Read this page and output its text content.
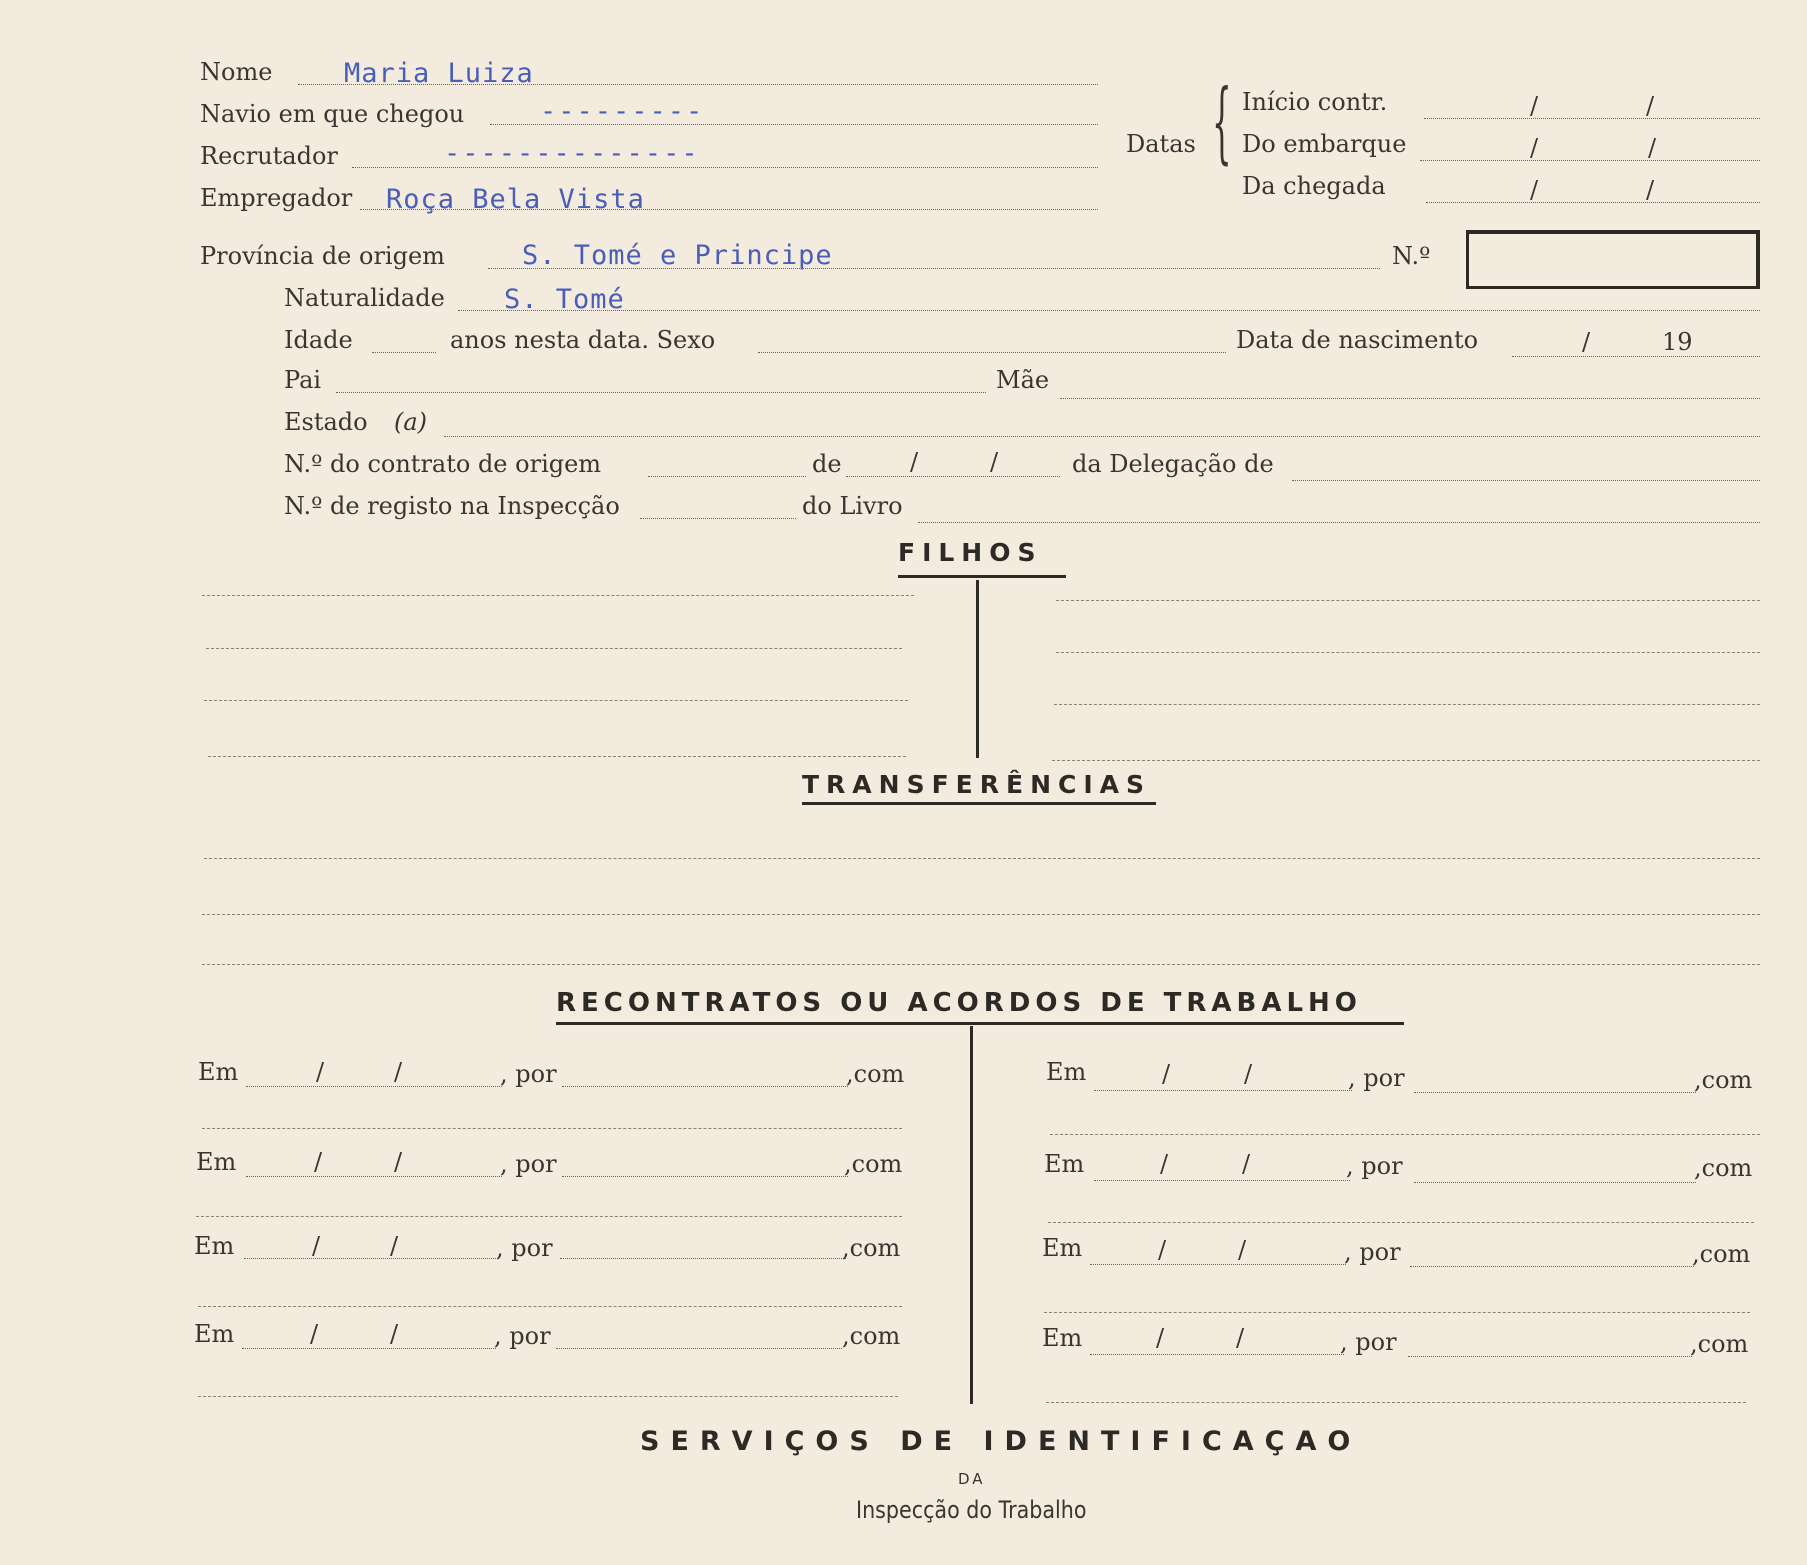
Nome	Maria Luiza
Navio em que chegou	---------
Recrutador	--------------
Empregador Roça Bela Vista
Datas { Início contr.	/	/
Do embarque	/	/
Da chegada	/	/
Província de origem	S. Tomé e Principe	N.º
Naturalidade S. Tomé
Idade	anos nesta data. Sexo	Data de nascimento	/	19
Pai	Mãe
Estado (a)
N.º do contrato de origem	de	/	/	da Delegação de
N.º de registo na Inspecção	do Livro
FILHOS
TRANSFERÊNCIAS
RECONTRATOS OU ACORDOS DE TRABALHO
Em	/	/	, por	,com
Em	/	/	, por	,com
Em	/	/	, por	,com
Em	/	/	, por	,com
Em	/	/	, por	,com
Em	/	/	, por	,com
Em	/	/	, por	,com
Em	/	/	, por	,com
SERVIÇOS DE IDENTIFICAÇAO
DA
Inspecção do Trabalho
